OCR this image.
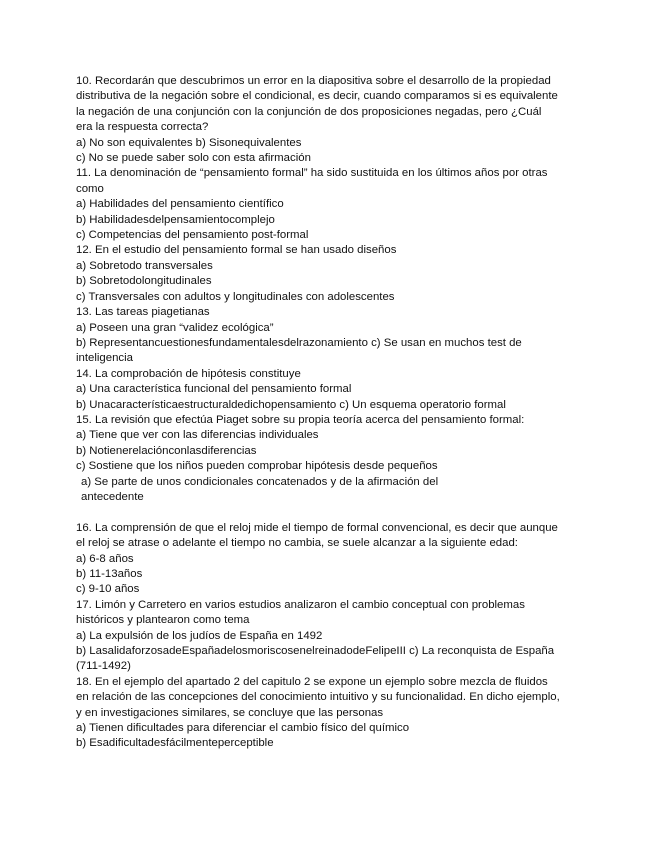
10. Recordarán que descubrimos un error en la diapositiva sobre el desarrollo de la propiedad
distributiva de la negación sobre el condicional, es decir, cuando comparamos si es equivalente
la negación de una conjunción con la conjunción de dos proposiciones negadas, pero ¿Cuál
era la respuesta correcta?
a) No son equivalentes b) Sisonequivalentes
c) No se puede saber solo con esta afirmación
11. La denominación de “pensamiento formal” ha sido sustituida en los últimos años por otras
como
a) Habilidades del pensamiento científico
b) Habilidadesdelpensamientocomplejo
c) Competencias del pensamiento post-formal
12. En el estudio del pensamiento formal se han usado diseños
a) Sobretodo transversales
b) Sobretodolongitudinales
c) Transversales con adultos y longitudinales con adolescentes
13. Las tareas piagetianas
a) Poseen una gran “validez ecológica”
b) Representancuestionesfundamentalesdelrazonamiento c) Se usan en muchos test de
inteligencia
14. La comprobación de hipótesis constituye
a) Una característica funcional del pensamiento formal
b) Unacaracterísticaestructuraldedichopensamiento c) Un esquema operatorio formal
15. La revisión que efectúa Piaget sobre su propia teoría acerca del pensamiento formal:
a) Tiene que ver con las diferencias individuales
b) Notienerelaciónconlasdiferencias
c) Sostiene que los niños pueden comprobar hipótesis desde pequeños
a) Se parte de unos condicionales concatenados y de la afirmación del
antecedente
16. La comprensión de que el reloj mide el tiempo de formal convencional, es decir que aunque
el reloj se atrase o adelante el tiempo no cambia, se suele alcanzar a la siguiente edad:
a) 6-8 años
b) 11-13años
c) 9-10 años
17. Limón y Carretero en varios estudios analizaron el cambio conceptual con problemas
históricos y plantearon como tema
a) La expulsión de los judíos de España en 1492
b) LasalidaforzosadeEspañadelosmoriscosenelreinadodeFelipeIII c) La reconquista de España
(711-1492)
18. En el ejemplo del apartado 2 del capitulo 2 se expone un ejemplo sobre mezcla de fluidos
en relación de las concepciones del conocimiento intuitivo y su funcionalidad. En dicho ejemplo,
y en investigaciones similares, se concluye que las personas
a) Tienen dificultades para diferenciar el cambio físico del químico
b) Esadificultadesfácilmenteperceptible
